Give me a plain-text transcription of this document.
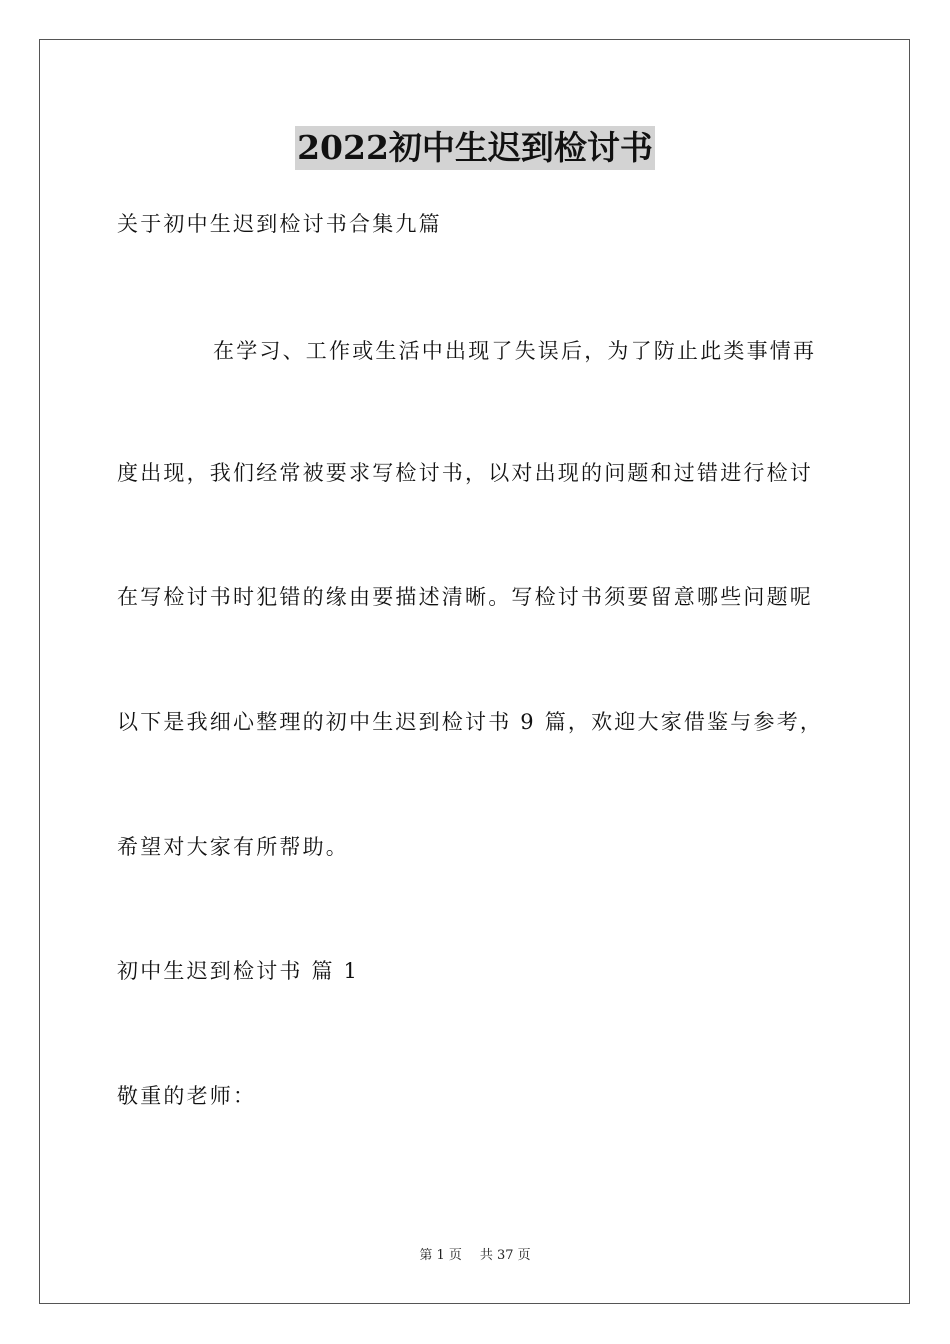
2022初中生迟到检讨书
关于初中生迟到检讨书合集九篇
在学习、工作或生活中出现了失误后，为了防止此类事情再
度出现，我们经常被要求写检讨书，以对出现的问题和过错进行检讨
在写检讨书时犯错的缘由要描述清晰。写检讨书须要留意哪些问题呢
以下是我细心整理的初中生迟到检讨书 9 篇，欢迎大家借鉴与参考，
希望对大家有所帮助。
初中生迟到检讨书 篇 1
敬重的老师：
第 1 页 共 37 页
